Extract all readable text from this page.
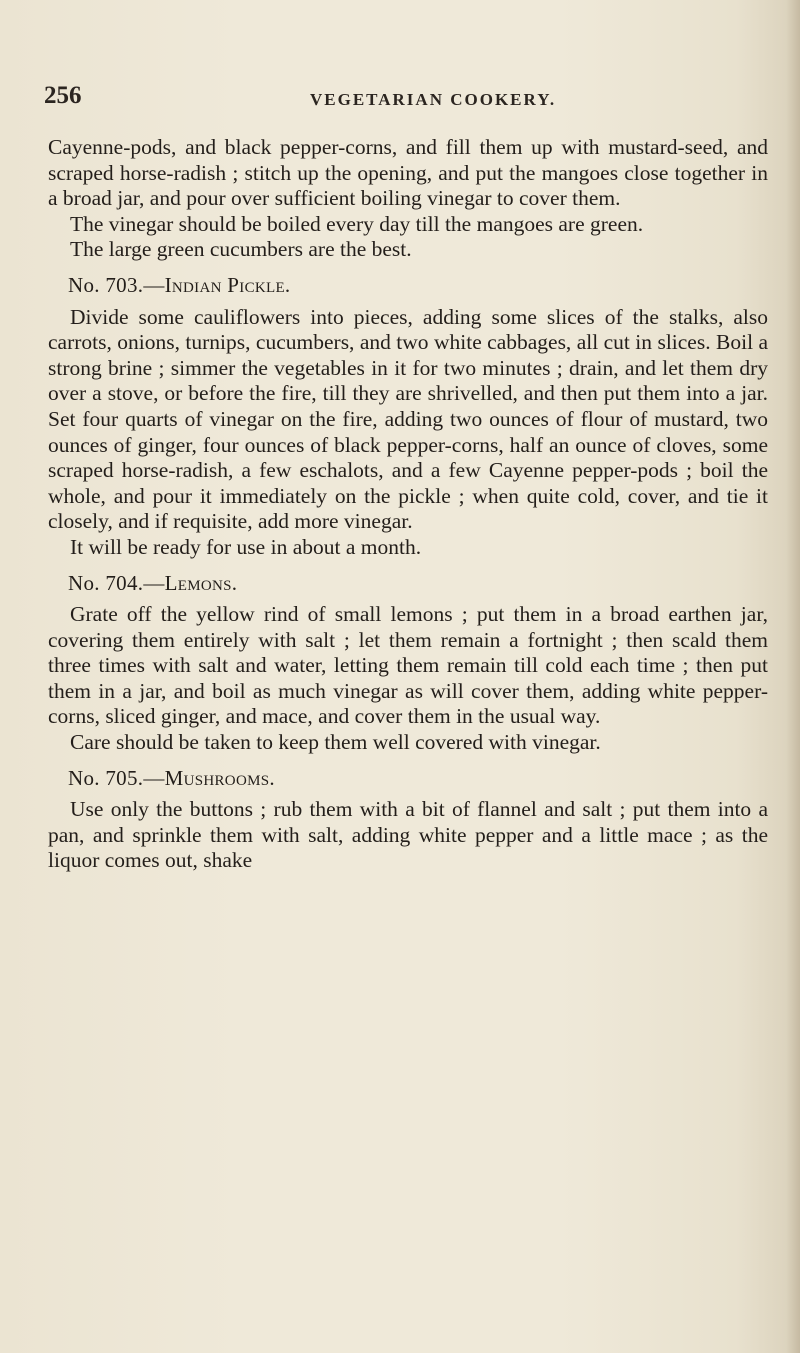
256	VEGETARIAN COOKERY.

Cayenne-pods, and black pepper-corns, and fill them up with mustard-seed, and scraped horse-radish ; stitch up the opening, and put the mangoes close together in a broad jar, and pour over sufficient boiling vinegar to cover them.

The vinegar should be boiled every day till the mangoes are green.

The large green cucumbers are the best.

No. 703.—Indian Pickle.

Divide some cauliflowers into pieces, adding some slices of the stalks, also carrots, onions, turnips, cucumbers, and two white cabbages, all cut in slices. Boil a strong brine ; simmer the vegetables in it for two minutes ; drain, and let them dry over a stove, or before the fire, till they are shrivelled, and then put them into a jar. Set four quarts of vinegar on the fire, adding two ounces of flour of mustard, two ounces of ginger, four ounces of black pepper-corns, half an ounce of cloves, some scraped horse-radish, a few eschalots, and a few Cayenne pepper-pods ; boil the whole, and pour it immediately on the pickle ; when quite cold, cover, and tie it closely, and if requisite, add more vinegar.

It will be ready for use in about a month.

No. 704.—Lemons.

Grate off the yellow rind of small lemons ; put them in a broad earthen jar, covering them entirely with salt ; let them remain a fortnight ; then scald them three times with salt and water, letting them remain till cold each time ; then put them in a jar, and boil as much vinegar as will cover them, adding white pepper-corns, sliced ginger, and mace, and cover them in the usual way.

Care should be taken to keep them well covered with vinegar.

No. 705.—Mushrooms.

Use only the buttons ; rub them with a bit of flannel and salt ; put them into a pan, and sprinkle them with salt, adding white pepper and a little mace ; as the liquor comes out, shake
